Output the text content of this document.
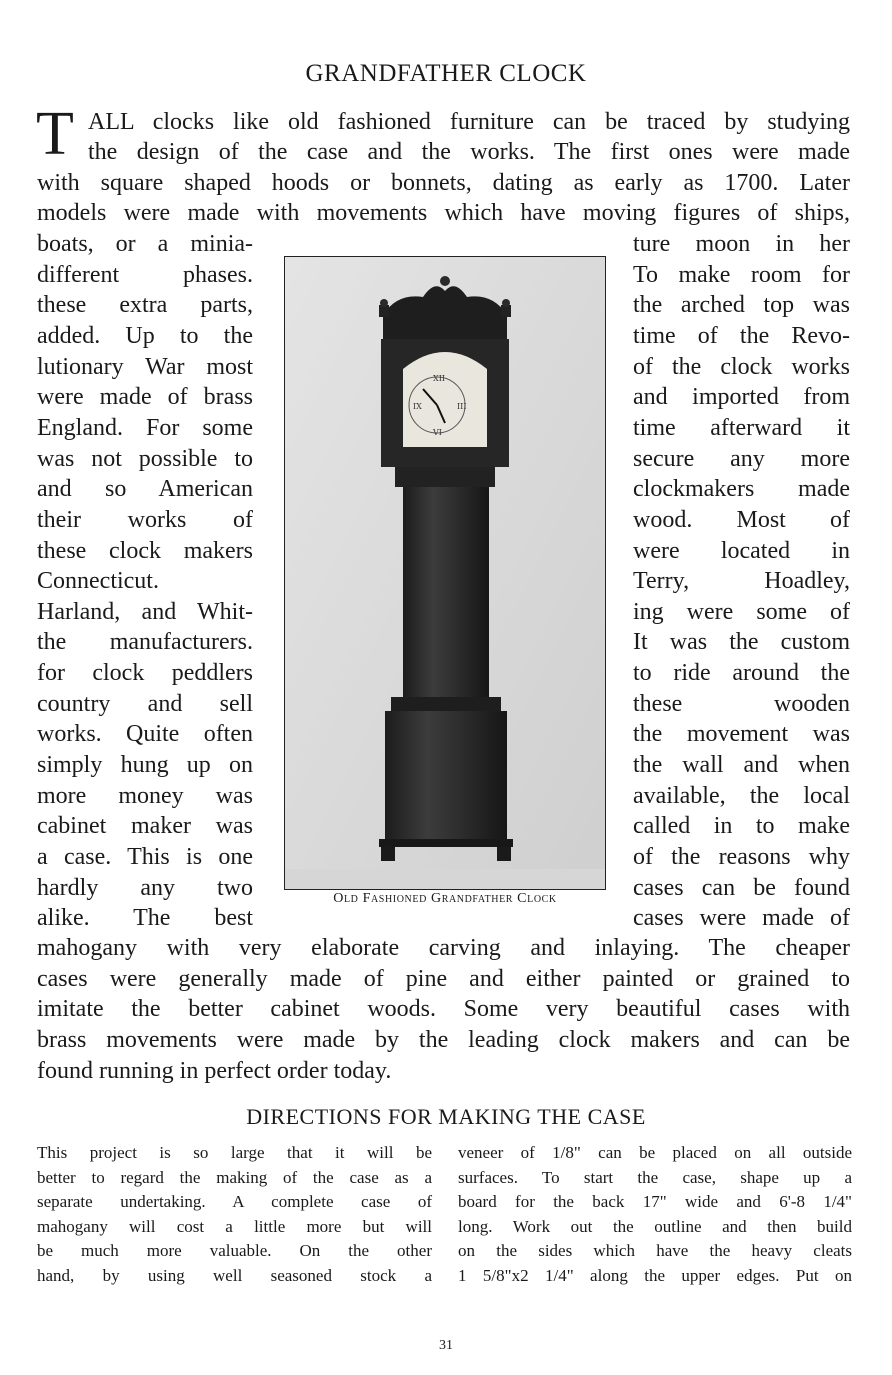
GRANDFATHER CLOCK
T ALL clocks like old fashioned furniture can be traced by studying
the design of the case and the works. The first ones were made
with square shaped hoods or bonnets, dating as early as 1700. Later
models were made with movements which have moving figures of ships,
boats, or a minia-
different phases.
these extra parts,
added. Up to the
lutionary War most
were made of brass
England. For some
was not possible to
and so American
their works of
these clock makers
Connecticut.
Harland, and Whit-
the manufacturers.
for clock peddlers
country and sell
works. Quite often
simply hung up on
more money was
cabinet maker was
a case. This is one
hardly any two
alike. The best
ture moon in her
To make room for
the arched top was
time of the Revo-
of the clock works
and imported from
time afterward it
secure any more
clockmakers made
wood. Most of
were located in
Terry, Hoadley,
ing were some of
It was the custom
to ride around the
these wooden
the movement was
the wall and when
available, the local
called in to make
of the reasons why
cases can be found
cases were made of
XII
IX	III
VI
Old Fashioned Grandfather Clock
mahogany with very elaborate carving and inlaying. The cheaper
cases were generally made of pine and either painted or grained to
imitate the better cabinet woods. Some very beautiful cases with
brass movements were made by the leading clock makers and can be
found running in perfect order today.
DIRECTIONS FOR MAKING THE CASE
This project is so large that it will be
better to regard the making of the case as a
separate undertaking. A complete case of
mahogany will cost a little more but will
be much more valuable. On the other
hand, by using well seasoned stock a
veneer of 1/8" can be placed on all outside
surfaces. To start the case, shape up a
board for the back 17" wide and 6'-8 1/4"
long. Work out the outline and then build
on the sides which have the heavy cleats
1 5/8"x2 1/4" along the upper edges. Put on
31
